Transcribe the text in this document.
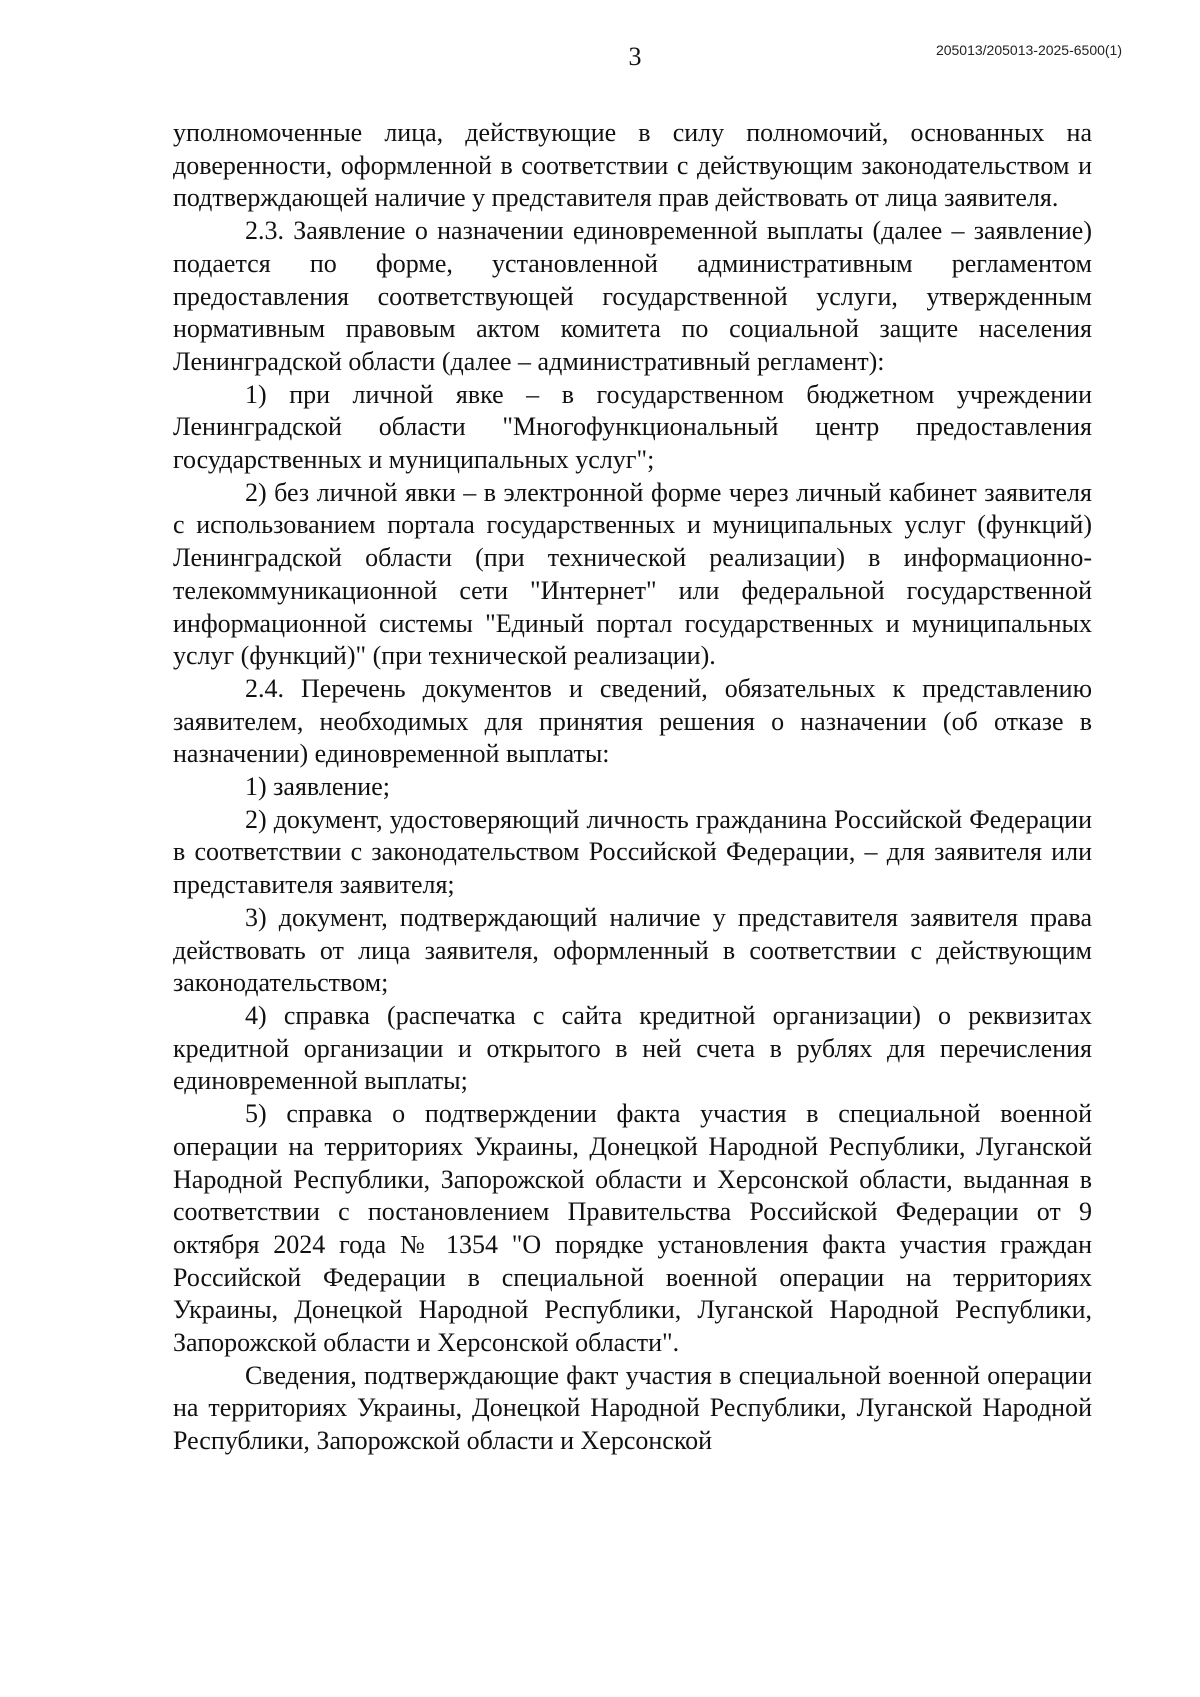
3	205013/205013-2025-6500(1)

уполномоченные лица, действующие в силу полномочий, основанных на доверенности, оформленной в соответствии с действующим законодательством и подтверждающей наличие у представителя прав действовать от лица заявителя.

2.3. Заявление о назначении единовременной выплаты (далее – заявление) подается по форме, установленной административным регламентом предоставления соответствующей государственной услуги, утвержденным нормативным правовым актом комитета по социальной защите населения Ленинградской области (далее – административный регламент):

1) при личной явке – в государственном бюджетном учреждении Ленинградской области "Многофункциональный центр предоставления государственных и муниципальных услуг";

2) без личной явки – в электронной форме через личный кабинет заявителя с использованием портала государственных и муниципальных услуг (функций) Ленинградской области (при технической реализации) в информационно-телекоммуникационной сети "Интернет" или федеральной государственной информационной системы "Единый портал государственных и муниципальных услуг (функций)" (при технической реализации).

2.4. Перечень документов и сведений, обязательных к представлению заявителем, необходимых для принятия решения о назначении (об отказе в назначении) единовременной выплаты:

1) заявление;

2) документ, удостоверяющий личность гражданина Российской Федерации в соответствии с законодательством Российской Федерации, – для заявителя или представителя заявителя;

3) документ, подтверждающий наличие у представителя заявителя права действовать от лица заявителя, оформленный в соответствии с действующим законодательством;

4) справка (распечатка с сайта кредитной организации) о реквизитах кредитной организации и открытого в ней счета в рублях для перечисления единовременной выплаты;

5) справка о подтверждении факта участия в специальной военной операции на территориях Украины, Донецкой Народной Республики, Луганской Народной Республики, Запорожской области и Херсонской области, выданная в соответствии с постановлением Правительства Российской Федерации от 9 октября 2024 года № 1354 "О порядке установления факта участия граждан Российской Федерации в специальной военной операции на территориях Украины, Донецкой Народной Республики, Луганской Народной Республики, Запорожской области и Херсонской области".

Сведения, подтверждающие факт участия в специальной военной операции на территориях Украины, Донецкой Народной Республики, Луганской Народной Республики, Запорожской области и Херсонской
